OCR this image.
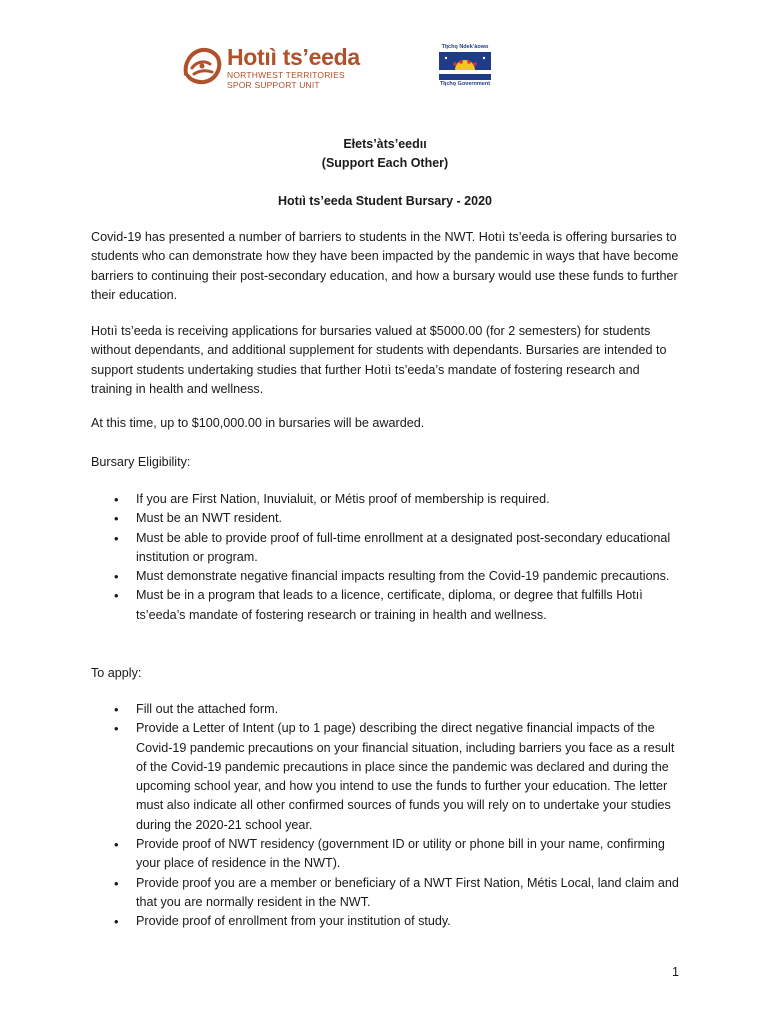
Hotıì ts’eeda
NORTHWEST TERRITORIES
SPOR SUPPORT UNIT
Tłı̨chǫ Ndek’àowo
Tłı̨chǫ Government
Ełets’àts’eedıı
(Support Each Other)
Hotıì ts’eeda Student Bursary - 2020
Covid-19 has presented a number of barriers to students in the NWT. Hotıì ts’eeda is offering bursaries to students who can demonstrate how they have been impacted by the pandemic in ways that have become barriers to continuing their post-secondary education, and how a bursary would use these funds to further their education.
Hotıì ts’eeda is receiving applications for bursaries valued at $5000.00 (for 2 semesters) for students without dependants, and additional supplement for students with dependants. Bursaries are intended to support students undertaking studies that further Hotıì ts’eeda’s mandate of fostering research and training in health and wellness.
At this time, up to $100,000.00 in bursaries will be awarded.
Bursary Eligibility:
• If you are First Nation, Inuvialuit, or Métis proof of membership is required.
• Must be an NWT resident.
• Must be able to provide proof of full-time enrollment at a designated post-secondary educational institution or program.
• Must demonstrate negative financial impacts resulting from the Covid-19 pandemic precautions.
• Must be in a program that leads to a licence, certificate, diploma, or degree that fulfills Hotıì ts’eeda’s mandate of fostering research or training in health and wellness.
To apply:
• Fill out the attached form.
• Provide a Letter of Intent (up to 1 page) describing the direct negative financial impacts of the Covid-19 pandemic precautions on your financial situation, including barriers you face as a result of the Covid-19 pandemic precautions in place since the pandemic was declared and during the upcoming school year, and how you intend to use the funds to further your education. The letter must also indicate all other confirmed sources of funds you will rely on to undertake your studies during the 2020-21 school year.
• Provide proof of NWT residency (government ID or utility or phone bill in your name, confirming your place of residence in the NWT).
• Provide proof you are a member or beneficiary of a NWT First Nation, Métis Local, land claim and that you are normally resident in the NWT.
• Provide proof of enrollment from your institution of study.
1
